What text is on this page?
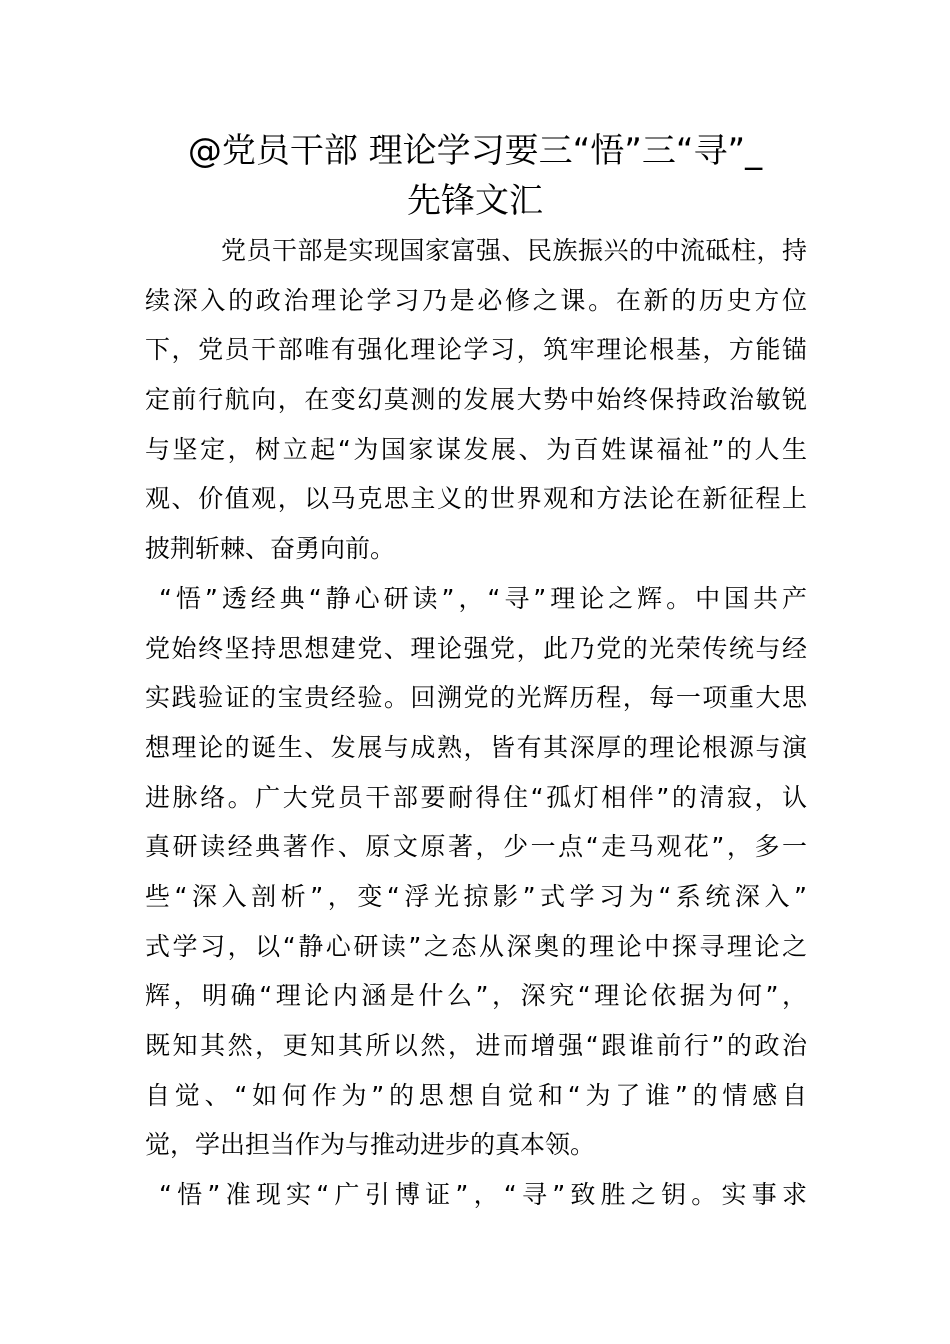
@党员干部 理论学习要三“悟”三“寻”_
先锋文汇
党员干部是实现国家富强、民族振兴的中流砥柱，持
续深入的政治理论学习乃是必修之课。在新的历史方位
下，党员干部唯有强化理论学习，筑牢理论根基，方能锚
定前行航向，在变幻莫测的发展大势中始终保持政治敏锐
与坚定，树立起“为国家谋发展、为百姓谋福祉”的人生
观、价值观，以马克思主义的世界观和方法论在新征程上
披荆斩棘、奋勇向前。
“悟”透经典“静心研读”，“寻”理论之辉。中国共产
党始终坚持思想建党、理论强党，此乃党的光荣传统与经
实践验证的宝贵经验。回溯党的光辉历程，每一项重大思
想理论的诞生、发展与成熟，皆有其深厚的理论根源与演
进脉络。广大党员干部要耐得住“孤灯相伴”的清寂，认
真研读经典著作、原文原著，少一点“走马观花”，多一
些“深入剖析”，变“浮光掠影”式学习为“系统深入”
式学习，以“静心研读”之态从深奥的理论中探寻理论之
辉，明确“理论内涵是什么”，深究“理论依据为何”，
既知其然，更知其所以然，进而增强“跟谁前行”的政治
自觉、“如何作为”的思想自觉和“为了谁”的情感自
觉，学出担当作为与推动进步的真本领。
“悟”准现实“广引博证”，“寻”致胜之钥。实事求
